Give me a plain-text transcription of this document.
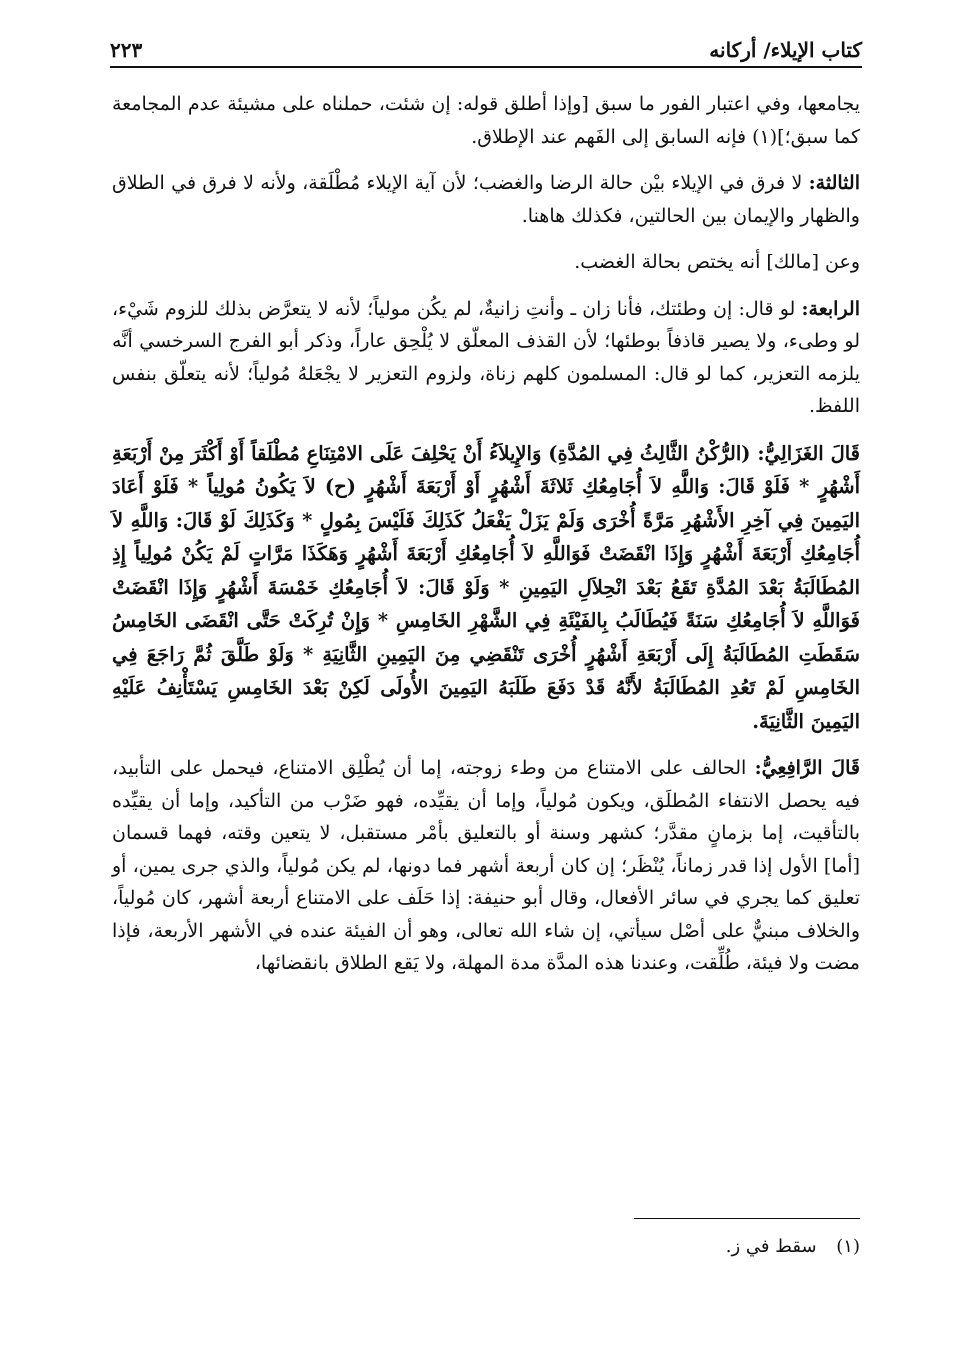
كتاب الإيلاء/ أركانه
٢٢٣

يجامعها، وفي اعتبار الفور ما سبق [وإذا أطلق قوله: إن شئت، حملناه على مشيئة عدم المجامعة كما سبق؛](١) فإنه السابق إلى الفَهم عند الإطلاق.

الثالثة: لا فرق في الإيلاء بيْن حالة الرضا والغضب؛ لأن آية الإيلاء مُطْلَقة، ولأنه لا فرق في الطلاق والظهار والإيمان بين الحالتين، فكذلك هاهنا.

وعن [مالك] أنه يختص بحالة الغضب.

الرابعة: لو قال: إن وطئتك، فأنا زان ـ وأنتِ زانيةٌ، لم يكُن مولياً؛ لأنه لا يتعرَّض بذلك للزوم شَيْء، لو وطىء، ولا يصير قاذفاً بوطئها؛ لأن القذف المعلّق لا يُلْحِق عاراً، وذكر أبو الفرج السرخسي أنَّه يلزمه التعزير، كما لو قال: المسلمون كلهم زناة، ولزوم التعزير لا يجْعَلهُ مُولياً؛ لأنه يتعلّق بنفس اللفظ.

قَالَ الغَزَالِيُّ: (الرُّكْنُ الثَّالِثُ فِي المُدَّةِ) وَالإِيلاَءُ أَنْ يَحْلِفَ عَلَى الامْتِنَاعِ مُطْلَقاً أَوْ أَكْثَرَ مِنْ أَرْبَعَةِ أَشْهُرٍ * فَلَوْ قَالَ: وَاللَّهِ لاَ أُجَامِعُكِ ثَلاثَةَ أَشْهُرٍ أَوْ أَرْبَعَةَ أَشْهُرٍ (ح) لاَ يَكُونُ مُولِياً * فَلَوْ أَعَادَ اليَمِينَ فِي آخِرِ الأَشْهُرِ مَرَّةً أُخْرَى وَلَمْ يَزَلْ يَفْعَلُ كَذَلِكَ فَلَيْسَ بِمُولٍ * وَكَذَلِكَ لَوْ قَالَ: وَاللَّهِ لاَ أُجَامِعُكِ أَرْبَعَةَ أَشْهُرٍ وَإِذَا انْقَضَتْ فَوَاللَّهِ لاَ أُجَامِعُكِ أَرْبَعَةَ أَشْهُرٍ وَهَكَذَا مَرَّاتٍ لَمْ يَكُنْ مُولِياً إِذِ المُطَالَبَةُ بَعْدَ المُدَّةِ تَقَعُ بَعْدَ انْحِلاَلِ اليَمِينِ * وَلَوْ قَالَ: لاَ أُجَامِعُكِ خَمْسَةَ أَشْهُرٍ وَإِذَا انْقَضَتْ فَوَاللَّهِ لاَ أُجَامِعُكِ سَنَةً فَيُطَالَبُ بِالفَيْئَةِ فِي الشَّهْرِ الخَامِسِ * وَإِنْ تُرِكَتْ حَتَّى انْقَضَى الخَامِسُ سَقَطَتِ المُطَالَبَةُ إِلَى أَرْبَعَةِ أَشْهُرٍ أُخْرَى تَنْقَضِي مِنَ اليَمِينِ الثَّانِيَةِ * وَلَوْ طَلَّقَ ثُمَّ رَاجَعَ فِي الخَامِسِ لَمْ تَعُدِ المُطَالَبَةُ لأَنَّهُ قَدْ دَفَعَ طَلَبَهُ اليَمِينَ الأُولَى لَكِنْ بَعْدَ الخَامِسِ يَسْتَأْنِفُ عَلَيْهِ اليَمِينَ الثَّانِيَةَ.

قَالَ الرَّافِعِيُّ: الحالف على الامتناع من وطء زوجته، إما أن يُطْلِق الامتناع، فيحمل على التأبيد، فيه يحصل الانتفاء المُطلَق، ويكون مُولياً، وإما أن يقيِّده، فهو ضَرْب من التأكيد، وإما أن يقيِّده بالتأقيت، إما بزمانٍ مقدَّر؛ كشهر وسنة أو بالتعليق بأمْر مستقبل، لا يتعين وقته، فهما قسمان [أما] الأول إذا قدر زماناً، يُنْظَر؛ إن كان أربعة أشهر فما دونها، لم يكن مُولياً، والذي جرى يمين، أو تعليق كما يجري في سائر الأفعال، وقال أبو حنيفة: إذا حَلَف على الامتناع أربعة أشهر، كان مُولياً، والخلاف مبنيٌّ على أصْل سيأتي، إن شاء الله تعالى، وهو أن الفيئة عنده في الأشهر الأربعة، فإذا مضت ولا فيئة، طُلِّقت، وعندنا هذه المدَّة مدة المهلة، ولا يَقع الطلاق بانقضائها،

(١) سقط في ز.
